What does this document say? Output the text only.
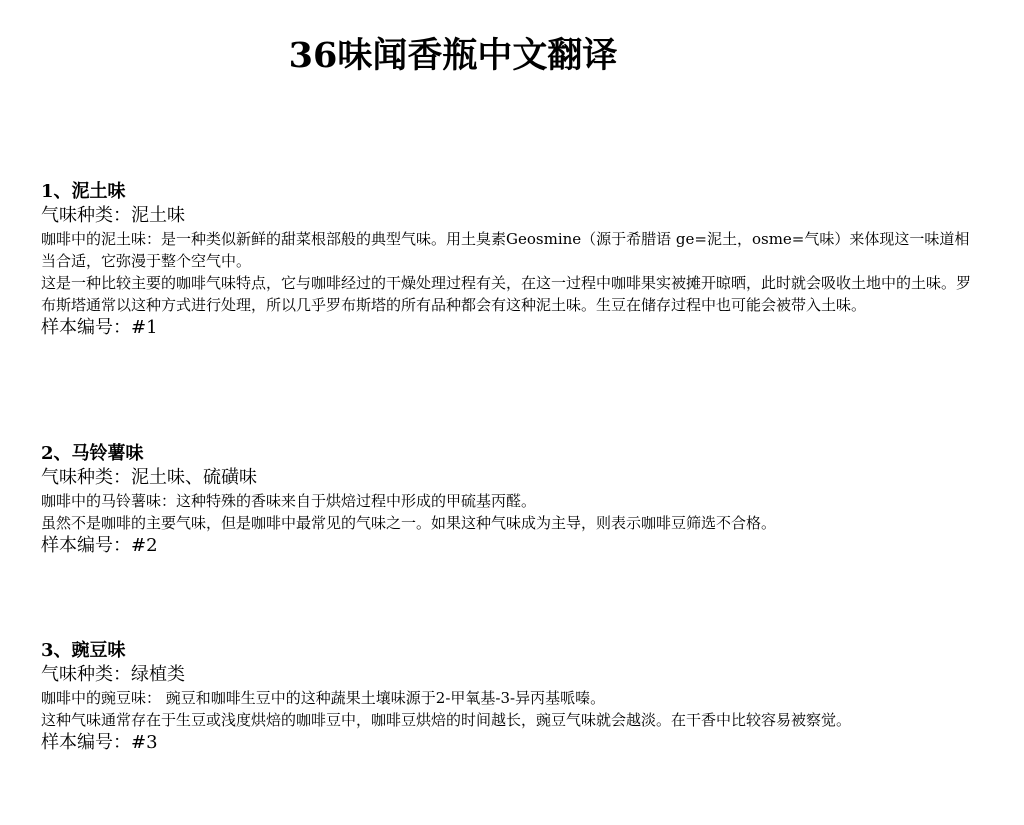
36味闻香瓶中文翻译

1、泥土味

气味种类：泥土味

咖啡中的泥土味：是一种类似新鲜的甜菜根部般的典型气味。用土臭素Geosmine（源于希腊语 ge=泥土，osme=气味）来体现这一味道相当合适，它弥漫于整个空气中。

这是一种比较主要的咖啡气味特点，它与咖啡经过的干燥处理过程有关，在这一过程中咖啡果实被摊开晾晒，此时就会吸收土地中的土味。罗布斯塔通常以这种方式进行处理，所以几乎罗布斯塔的所有品种都会有这种泥土味。生豆在储存过程中也可能会被带入土味。

样本编号：#1

2、马铃薯味

气味种类：泥土味、硫磺味

咖啡中的马铃薯味：这种特殊的香味来自于烘焙过程中形成的甲硫基丙醛。

虽然不是咖啡的主要气味，但是咖啡中最常见的气味之一。如果这种气味成为主导，则表示咖啡豆筛选不合格。

样本编号：#2

3、豌豆味

气味种类：绿植类

咖啡中的豌豆味： 豌豆和咖啡生豆中的这种蔬果土壤味源于2-甲氧基-3-异丙基哌嗪。

这种气味通常存在于生豆或浅度烘焙的咖啡豆中，咖啡豆烘焙的时间越长，豌豆气味就会越淡。在干香中比较容易被察觉。

样本编号：#3
